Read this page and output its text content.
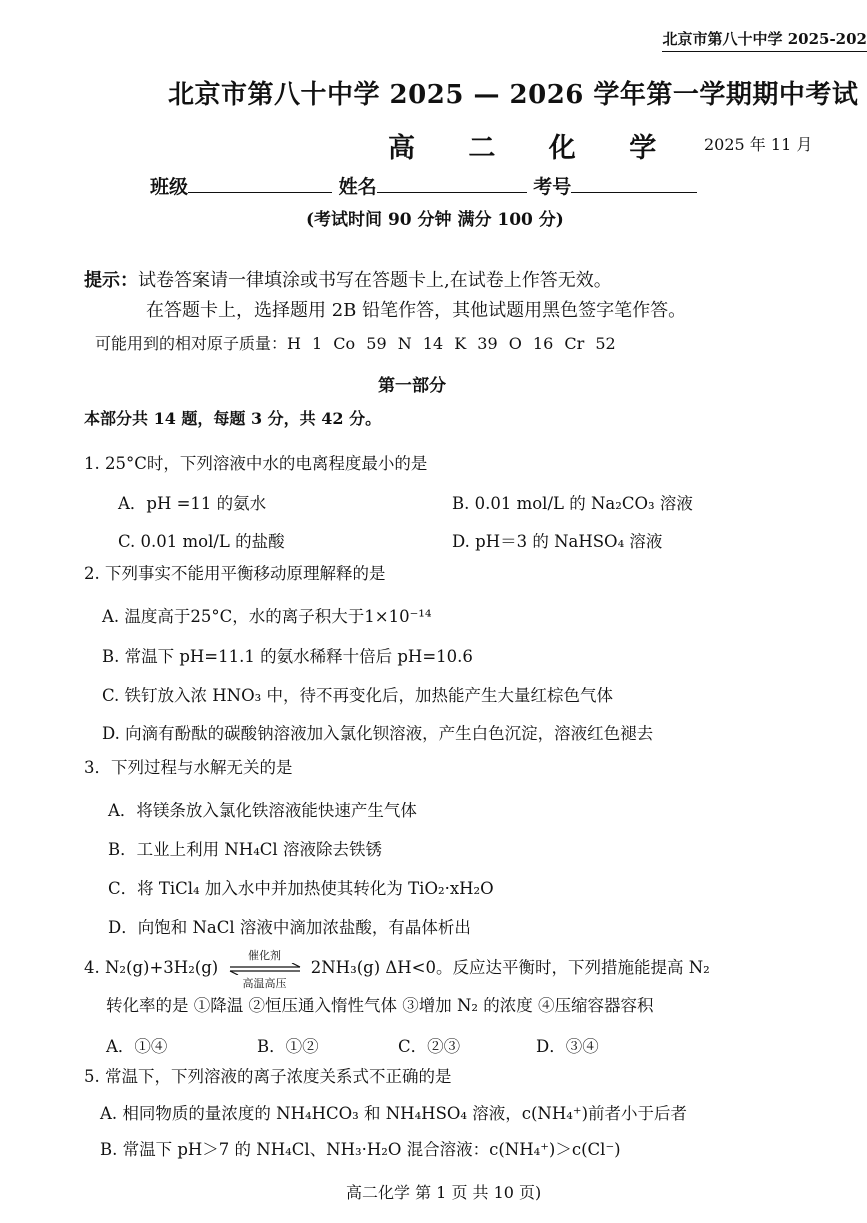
北京市第八十中学 2025-202
北京市第八十中学 2025 — 2026 学年第一学期期中考试
高 二 化 学 2025 年 11 月
班级	姓名	考号
(考试时间 90 分钟 满分 100 分)
提示：试卷答案请一律填涂或书写在答题卡上,在试卷上作答无效。
在答题卡上，选择题用 2B 铅笔作答，其他试题用黑色签字笔作答。
可能用到的相对原子质量：H 1 Co 59 N 14 K 39 O 16 Cr 52
第一部分
本部分共 14 题，每题 3 分，共 42 分。
1. 25°C时，下列溶液中水的电离程度最小的是
A．pH =11 的氨水	B. 0.01 mol/L 的 Na₂CO₃ 溶液
C. 0.01 mol/L 的盐酸	D. pH＝3 的 NaHSO₄ 溶液
2. 下列事实不能用平衡移动原理解释的是
A. 温度高于25°C，水的离子积大于1×10⁻¹⁴
B. 常温下 pH=11.1 的氨水稀释十倍后 pH=10.6
C. 铁钉放入浓 HNO₃ 中，待不再变化后，加热能产生大量红棕色气体
D. 向滴有酚酞的碳酸钠溶液加入氯化钡溶液，产生白色沉淀，溶液红色褪去
3．下列过程与水解无关的是
A．将镁条放入氯化铁溶液能快速产生气体
B．工业上利用 NH₄Cl 溶液除去铁锈
C．将 TiCl₄ 加入水中并加热使其转化为 TiO₂·xH₂O
D．向饱和 NaCl 溶液中滴加浓盐酸，有晶体析出
4. N₂(g)+3H₂(g)
催化剂
高温高压
2NH₃(g) ΔH<0。反应达平衡时，下列措施能提高 N₂
转化率的是 ①降温 ②恒压通入惰性气体 ③增加 N₂ 的浓度 ④压缩容器容积
A．①④	B．①②	C．②③	D．③④
5. 常温下，下列溶液的离子浓度关系式不正确的是
A. 相同物质的量浓度的 NH₄HCO₃ 和 NH₄HSO₄ 溶液，c(NH₄⁺)前者小于后者
B. 常温下 pH＞7 的 NH₄Cl、NH₃·H₂O 混合溶液：c(NH₄⁺)＞c(Cl⁻)
高二化学 第 1 页 共 10 页)
